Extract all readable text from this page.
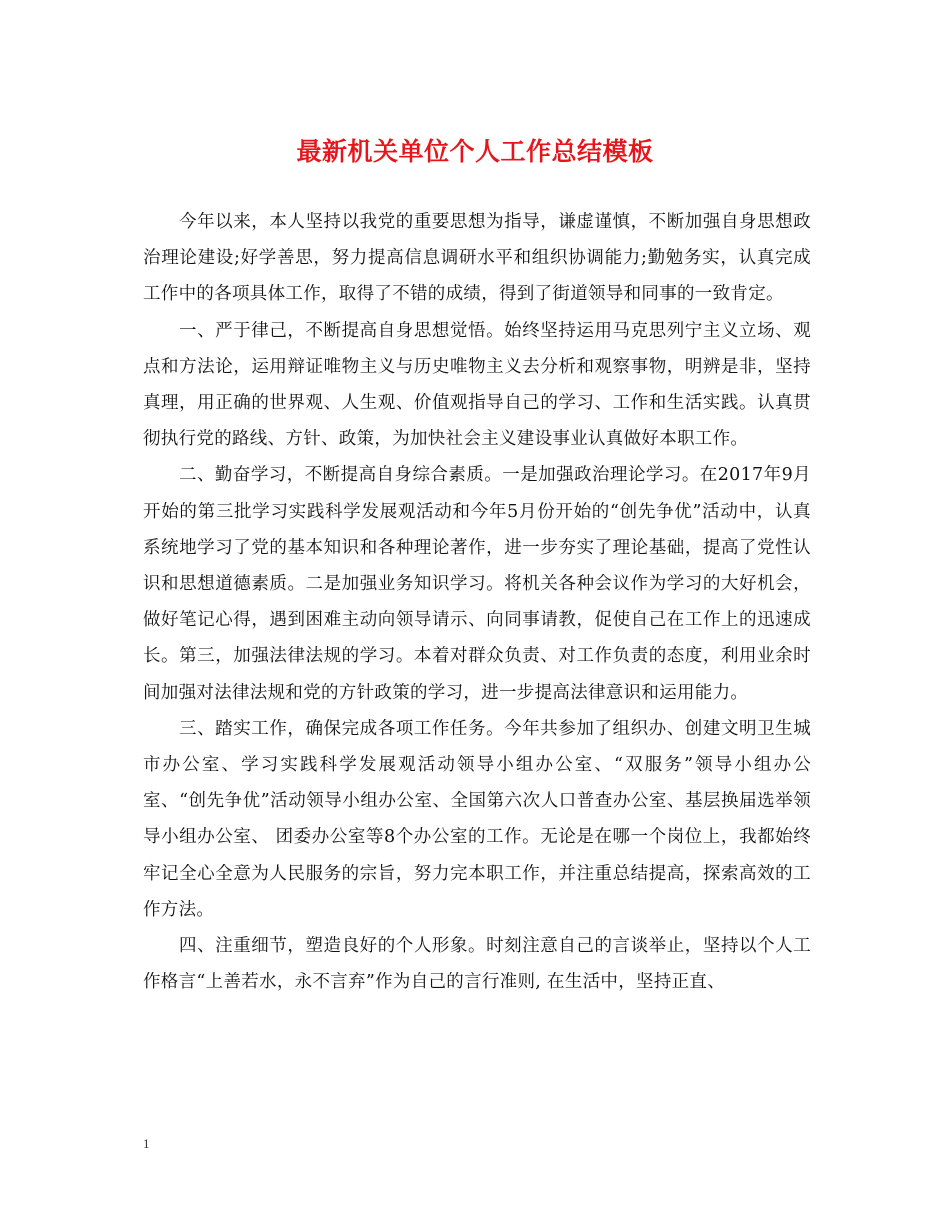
最新机关单位个人工作总结模板

今年以来，本人坚持以我党的重要思想为指导，谦虚谨慎，不断加强自身思想政治理论建设;好学善思，努力提高信息调研水平和组织协调能力;勤勉务实，认真完成工作中的各项具体工作，取得了不错的成绩，得到了街道领导和同事的一致肯定。

一、严于律己，不断提高自身思想觉悟。始终坚持运用马克思列宁主义立场、观点和方法论，运用辩证唯物主义与历史唯物主义去分析和观察事物，明辨是非，坚持真理，用正确的世界观、人生观、价值观指导自己的学习、工作和生活实践。认真贯彻执行党的路线、方针、政策，为加快社会主义建设事业认真做好本职工作。

二、勤奋学习，不断提高自身综合素质。一是加强政治理论学习。在2017年9月开始的第三批学习实践科学发展观活动和今年5月份开始的“创先争优”活动中，认真系统地学习了党的基本知识和各种理论著作，进一步夯实了理论基础，提高了党性认识和思想道德素质。二是加强业务知识学习。将机关各种会议作为学习的大好机会，做好笔记心得，遇到困难主动向领导请示、向同事请教，促使自己在工作上的迅速成长。第三，加强法律法规的学习。本着对群众负责、对工作负责的态度，利用业余时间加强对法律法规和党的方针政策的学习，进一步提高法律意识和运用能力。

三、踏实工作，确保完成各项工作任务。今年共参加了组织办、创建文明卫生城市办公室、学习实践科学发展观活动领导小组办公室、“双服务”领导小组办公室、“创先争优”活动领导小组办公室、全国第六次人口普查办公室、基层换届选举领导小组办公室、 团委办公室等8个办公室的工作。无论是在哪一个岗位上，我都始终牢记全心全意为人民服务的宗旨，努力完本职工作，并注重总结提高，探索高效的工作方法。

四、注重细节，塑造良好的个人形象。时刻注意自己的言谈举止，坚持以个人工作格言“上善若水，永不言弃”作为自己的言行准则, 在生活中，坚持正直、

1
